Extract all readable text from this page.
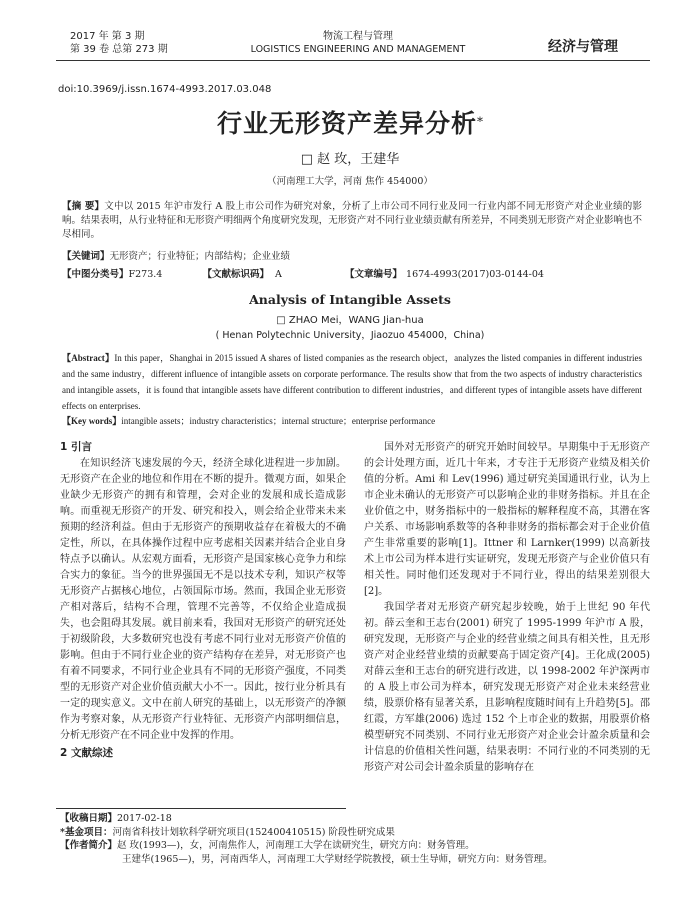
2017 年 第 3 期
第 39 卷 总第 273 期
物流工程与管理
LOGISTICS ENGINEERING AND MANAGEMENT	经济与管理
doi:10.3969/j.issn.1674-4993.2017.03.048
行业无形资产差异分析*
□ 赵 玫，王建华
（河南理工大学，河南 焦作 454000）
【摘 要】文中以 2015 年沪市发行 A 股上市公司作为研究对象，分析了上市公司不同行业及同一行业内部不同无形资产对企业业绩的影响。结果表明，从行业特征和无形资产明细两个角度研究发现，无形资产对不同行业业绩贡献有所差异，不同类别无形资产对企业影响也不尽相同。
【关键词】无形资产；行业特征；内部结构；企业业绩
【中图分类号】F273.4	【文献标识码】 A	【文章编号】 1674-4993(2017)03-0144-04
Analysis of Intangible Assets
□ ZHAO Mei，WANG Jian-hua
( Henan Polytechnic University，Jiaozuo 454000，China)
【Abstract】In this paper，Shanghai in 2015 issued A shares of listed companies as the research object，analyzes the listed companies in different industries and the same industry，different influence of intangible assets on corporate performance. The results show that from the two aspects of industry characteristics and intangible assets，it is found that intangible assets have different contribution to different industries，and different types of intangible assets have different effects on enterprises.
【Key words】intangible assets；industry characteristics；internal structure；enterprise performance
1 引言

在知识经济飞速发展的今天，经济全球化进程进一步加剧。无形资产在企业的地位和作用在不断的提升。微观方面，如果企业缺少无形资产的拥有和管理，会对企业的发展和成长造成影响。而重视无形资产的开发、研究和投入，则会给企业带来未来预期的经济利益。但由于无形资产的预期收益存在着极大的不确定性，所以，在具体操作过程中应考虑相关因素并结合企业自身特点予以确认。从宏观方面看，无形资产是国家核心竞争力和综合实力的象征。当今的世界强国无不是以技术专利，知识产权等无形资产占据核心地位，占领国际市场。然而，我国企业无形资产相对落后，结构不合理，管理不完善等，不仅给企业造成损失，也会阻碍其发展。就目前来看，我国对无形资产的研究还处于初级阶段，大多数研究也没有考虑不同行业对无形资产价值的影响。但由于不同行业企业的资产结构存在差异，对无形资产也有着不同要求，不同行业企业具有不同的无形资产强度，不同类型的无形资产对企业价值贡献大小不一。因此，按行业分析具有一定的现实意义。文中在前人研究的基础上，以无形资产的净额作为考察对象，从无形资产行业特征、无形资产内部明细信息，分析无形资产在不同企业中发挥的作用。

2 文献综述

国外对无形资产的研究开始时间较早。早期集中于无形资产的会计处理方面，近几十年来，才专注于无形资产业绩及相关价值的分析。Ami 和 Lev(1996) 通过研究美国通讯行业，认为上市企业未确认的无形资产可以影响企业的非财务指标。并且在企业价值之中，财务指标中的一般指标的解释程度不高，其潜在客户关系、市场影响系数等的各种非财务的指标都会对于企业价值产生非常重要的影响[1]。Ittner 和 Larnker(1999) 以高新技术上市公司为样本进行实证研究，发现无形资产与企业价值只有相关性。同时他们还发现对于不同行业，得出的结果差别很大[2]。

我国学者对无形资产研究起步较晚，始于上世纪 90 年代初。薛云奎和王志台(2001) 研究了 1995-1999 年沪市 A 股，研究发现，无形资产与企业的经营业绩之间具有相关性，且无形资产对企业经营业绩的贡献要高于固定资产[4]。王化成(2005) 对薛云奎和王志台的研究进行改进，以 1998-2002 年沪深两市的 A 股上市公司为样本，研究发现无形资产对企业未来经营业绩，股票价格有显著关系，且影响程度随时间有上升趋势[5]。邵红霞，方军雄(2006) 选过 152 个上市企业的数据，用股票价格模型研究不同类别、不同行业无形资产对企业会计盈余质量和会计信息的价值相关性问题，结果表明：不同行业的不同类别的无形资产对公司会计盈余质量的影响存在

【收稿日期】2017-02-18
*基金项目：河南省科技计划软科学研究项目(152400410515) 阶段性研究成果
【作者简介】赵 玫(1993—)，女，河南焦作人，河南理工大学在读研究生，研究方向：财务管理。
王建华(1965—)，男，河南西华人，河南理工大学财经学院教授，硕士生导师，研究方向：财务管理。
